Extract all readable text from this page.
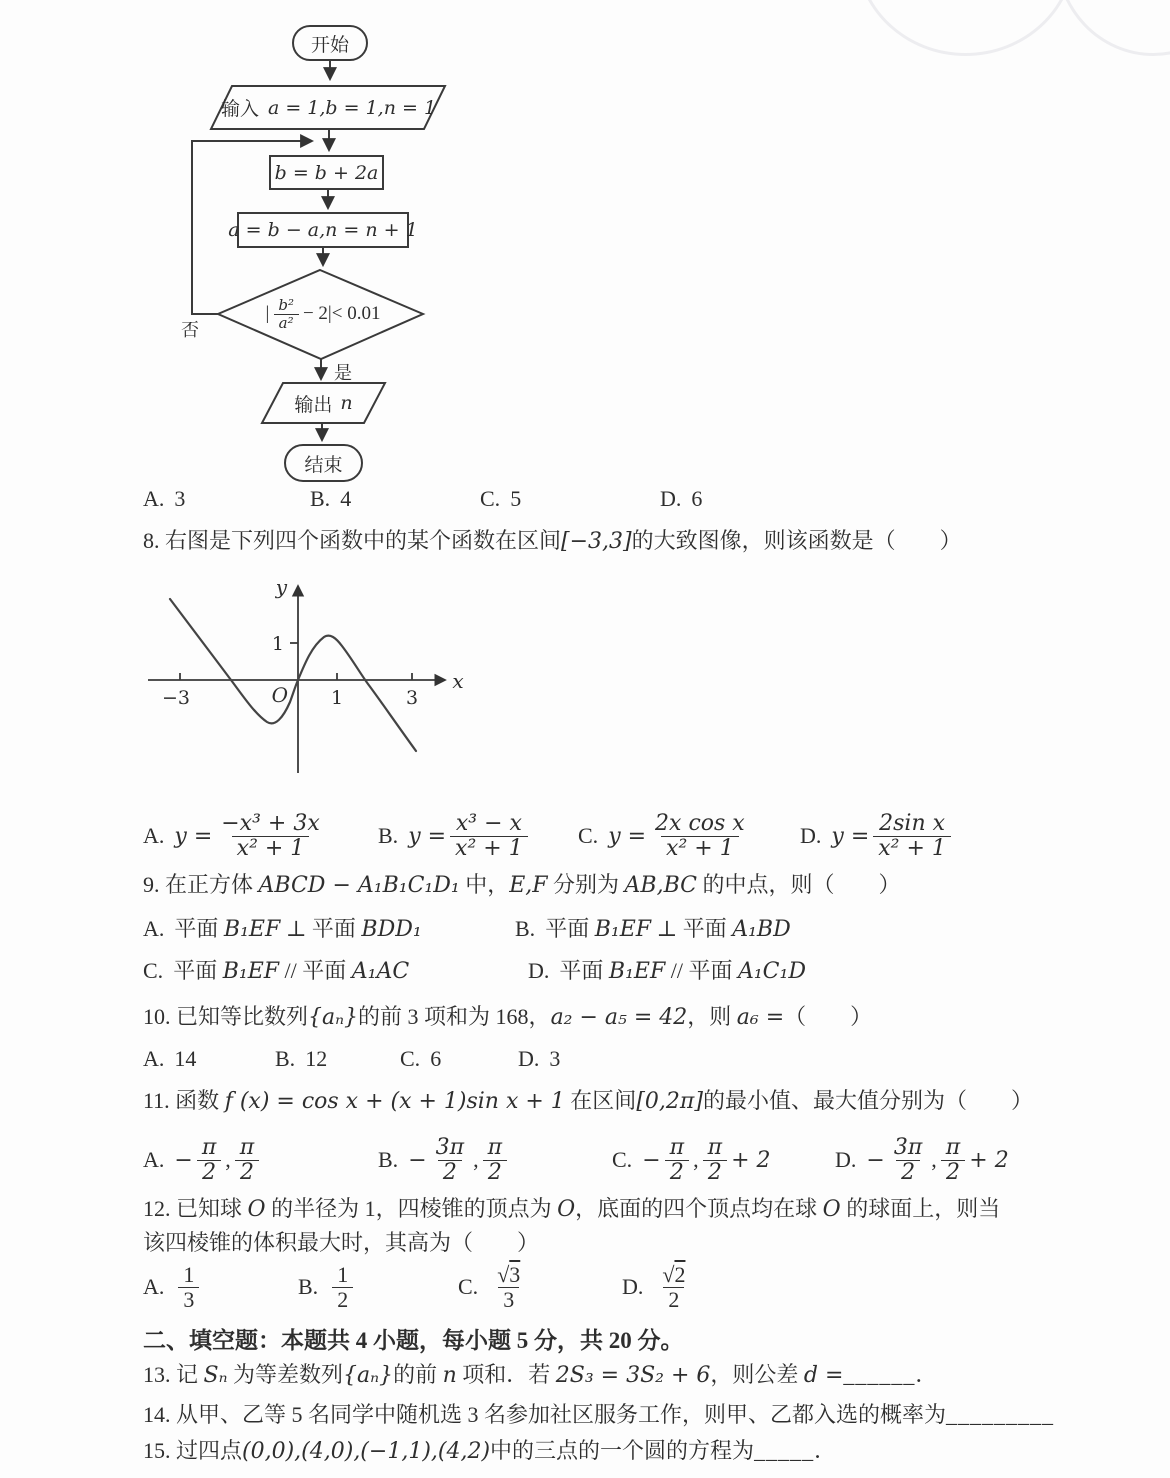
开始
输入 a = 1,b = 1,n = 1
b = b + 2a
a = b − a,n = n + 1
| $\frac{\text{b²}}{\text{a²}} - 2|< 0.01$
否
是
输出 n
结束
A. 3	B. 4	C. 5	D. 6
8. 右图是下列四个函数中的某个函数在区间[−3,3]的大致图像，则该函数是（　　）
y
x
O
−3	1	3
1
A. $y = \frac{\text{−x³ + 3x}}{\text{x² + 1}} B$. $y = \frac{\text{x³ − x}}{\text{x² + 1}} C$. $y = \frac{\text{2x cos x}}{\text{x² + 1}} D$. $y = \frac{\text{2sin x}}{\text{x² + 1}}$
9. 在正方体 ABCD − A₁B₁C₁D₁ 中，E,F 分别为 AB,BC 的中点，则（　　）
A. 平面 B₁EF ⊥ 平面 BDD₁	B. 平面 B₁EF ⊥ 平面 A₁BD
C. 平面 B₁EF // 平面 A₁AC	D. 平面 B₁EF // 平面 A₁C₁D
10. 已知等比数列{aₙ}的前 3 项和为 168，a₂ − a₅ = 42，则 a₆ =（　　）
A. 14	B. 12	C. 6	D. 3
11. 函数 f (x) = cos x + (x + 1)sin x + 1 在区间[0,2π]的最小值、最大值分别为（　　）
A. − $\frac{\pi}{2}$ , $\frac{\pi}{2}$	B. − $\frac{3\pi}{2}$ , $\frac{\pi}{2}$	C. − $\frac{\pi}{2}$ , $\frac{\pi}{2} + 2$	D. − $\frac{3\pi}{2}$ , $\frac{\pi}{2} + 2$
12. 已知球 O 的半径为 1，四棱锥的顶点为 O，底面的四个顶点均在球 O 的球面上，则当
该四棱锥的体积最大时，其高为（　　）
A. $\frac{1}{3}$	B. $\frac{1}{2}$	C. $\frac{√3}{3}$	D. $\frac{√2}{2}$
二、填空题：本题共 4 小题，每小题 5 分，共 20 分。
13. 记 Sₙ 为等差数列{aₙ}的前 n 项和．若 2S₃ = 3S₂ + 6，则公差 d =______．
14. 从甲、乙等 5 名同学中随机选 3 名参加社区服务工作，则甲、乙都入选的概率为_________
15. 过四点(0,0),(4,0),(−1,1),(4,2)中的三点的一个圆的方程为_____．
